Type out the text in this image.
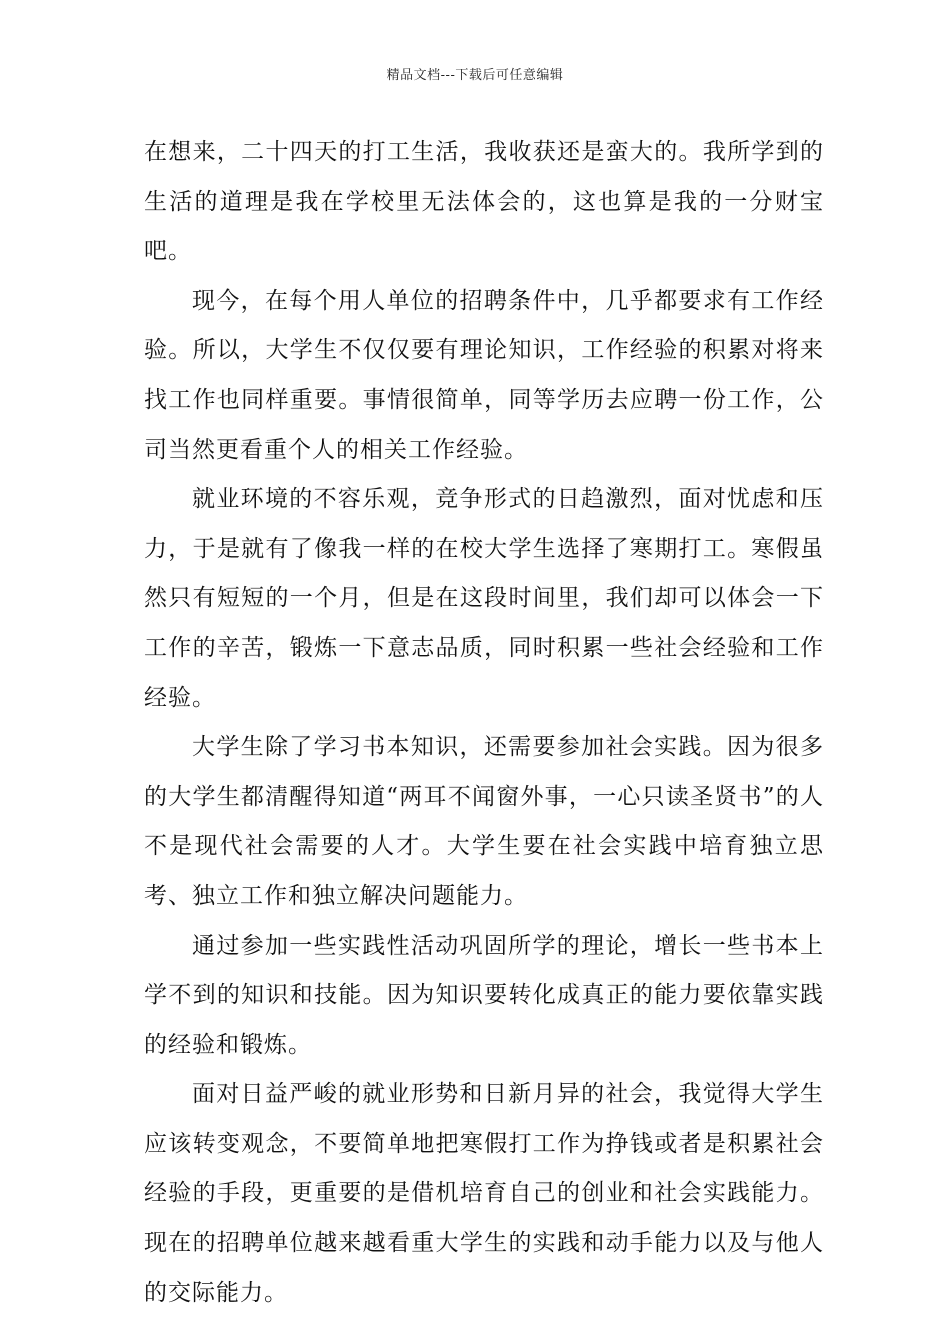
精品文档---下载后可任意编辑

在想来，二十四天的打工生活，我收获还是蛮大的。我所学到的生活的道理是我在学校里无法体会的，这也算是我的一分财宝吧。

现今，在每个用人单位的招聘条件中，几乎都要求有工作经验。所以，大学生不仅仅要有理论知识，工作经验的积累对将来找工作也同样重要。事情很简单，同等学历去应聘一份工作，公司当然更看重个人的相关工作经验。

就业环境的不容乐观，竞争形式的日趋激烈，面对忧虑和压力，于是就有了像我一样的在校大学生选择了寒期打工。寒假虽然只有短短的一个月，但是在这段时间里，我们却可以体会一下工作的辛苦，锻炼一下意志品质，同时积累一些社会经验和工作经验。

大学生除了学习书本知识，还需要参加社会实践。因为很多的大学生都清醒得知道“两耳不闻窗外事，一心只读圣贤书”的人不是现代社会需要的人才。大学生要在社会实践中培育独立思考、独立工作和独立解决问题能力。

通过参加一些实践性活动巩固所学的理论，增长一些书本上学不到的知识和技能。因为知识要转化成真正的能力要依靠实践的经验和锻炼。

面对日益严峻的就业形势和日新月异的社会，我觉得大学生应该转变观念，不要简单地把寒假打工作为挣钱或者是积累社会经验的手段，更重要的是借机培育自己的创业和社会实践能力。现在的招聘单位越来越看重大学生的实践和动手能力以及与他人的交际能力。
